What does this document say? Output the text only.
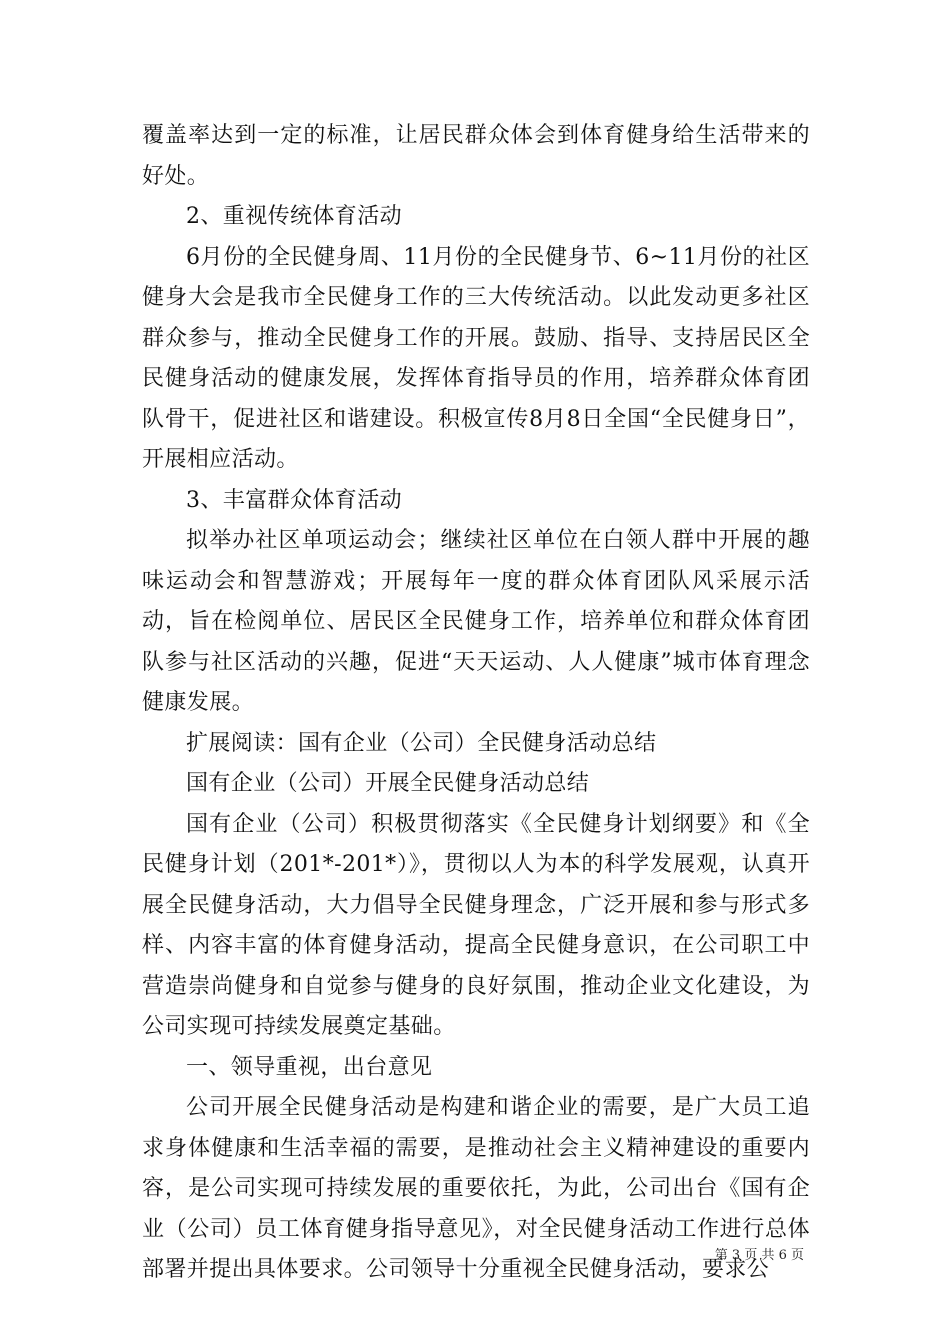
覆盖率达到一定的标准，让居民群众体会到体育健身给生活带来的好处。

2、重视传统体育活动

6月份的全民健身周、11月份的全民健身节、6~11月份的社区健身大会是我市全民健身工作的三大传统活动。以此发动更多社区群众参与，推动全民健身工作的开展。鼓励、指导、支持居民区全民健身活动的健康发展，发挥体育指导员的作用，培养群众体育团队骨干，促进社区和谐建设。积极宣传8月8日全国“全民健身日”，开展相应活动。

3、丰富群众体育活动

拟举办社区单项运动会；继续社区单位在白领人群中开展的趣味运动会和智慧游戏；开展每年一度的群众体育团队风采展示活动，旨在检阅单位、居民区全民健身工作，培养单位和群众体育团队参与社区活动的兴趣，促进“天天运动、人人健康”城市体育理念健康发展。

扩展阅读：国有企业（公司）全民健身活动总结

国有企业（公司）开展全民健身活动总结

国有企业（公司）积极贯彻落实《全民健身计划纲要》和《全民健身计划（201*-201*）》，贯彻以人为本的科学发展观，认真开展全民健身活动，大力倡导全民健身理念，广泛开展和参与形式多样、内容丰富的体育健身活动，提高全民健身意识，在公司职工中营造崇尚健身和自觉参与健身的良好氛围，推动企业文化建设，为公司实现可持续发展奠定基础。

一、领导重视，出台意见

公司开展全民健身活动是构建和谐企业的需要，是广大员工追求身体健康和生活幸福的需要，是推动社会主义精神建设的重要内容，是公司实现可持续发展的重要依托，为此，公司出台《国有企业（公司）员工体育健身指导意见》，对全民健身活动工作进行总体部署并提出具体要求。公司领导十分重视全民健身活动，要求公

第 3 页 共 6 页
